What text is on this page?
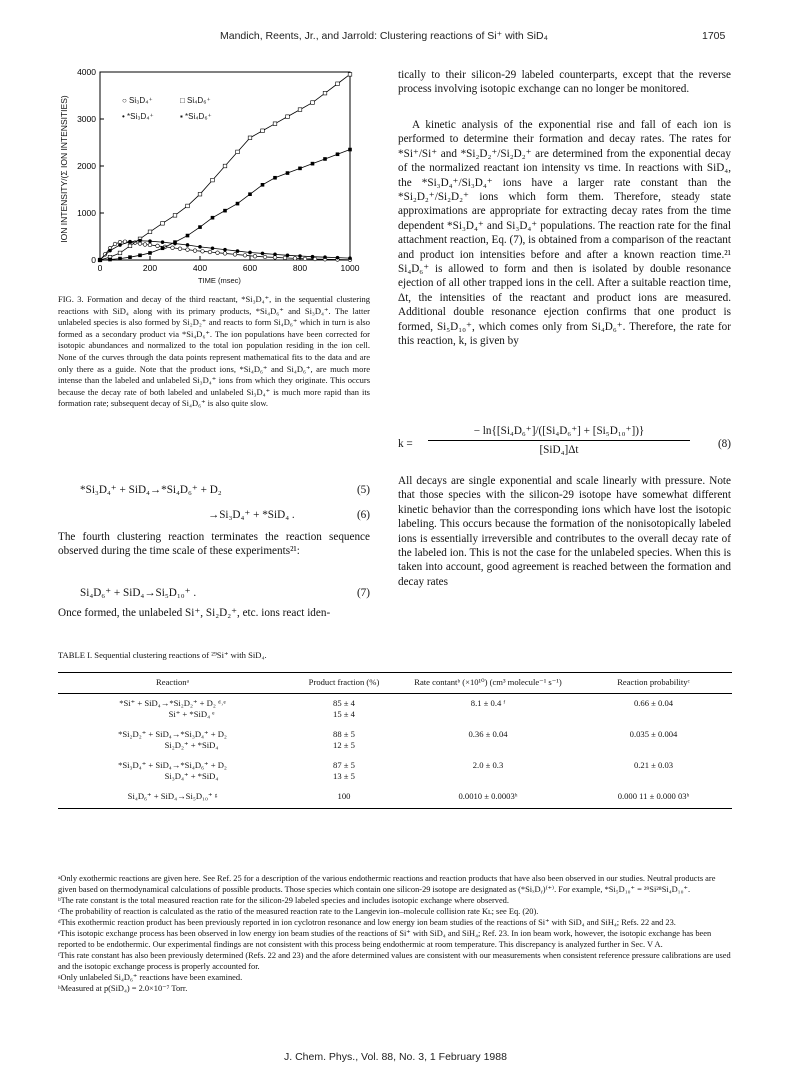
Mandich, Reents, Jr., and Jarrold: Clustering reactions of Si⁺ with SiD₄	1705
0	200	400	600	800	1000
0
1000
2000
3000
4000
ION INTENSITY/(Σ ION INTENSITIES)
TIME (msec)
○ Si₃D₄⁺	□ Si₄D₆⁺
• *Si₃D₄⁺	▪ *Si₄D₆⁺
FIG. 3. Formation and decay of the third reactant, *Si₃D₄⁺, in the sequential clustering reactions with SiD₄ along with its primary products, *Si₄D₆⁺ and Si₃D₄⁺. The latter unlabeled species is also formed by Si₂D₂⁺ and reacts to form Si₄D₆⁺ which in turn is also formed as a secondary product via *Si₄D₆⁺. The ion populations have been corrected for isotopic abundances and normalized to the total ion population residing in the ion cell. None of the curves through the data points represent mathematical fits to the data and are only there as a guide. Note that the product ions, *Si₄D₆⁺ and Si₄D₆⁺, are much more intense than the labeled and unlabeled Si₃D₄⁺ ions from which they originate. This occurs because the decay rate of both labeled and unlabeled Si₃D₄⁺ is much more rapid than its formation rate; subsequent decay of Si₄D₆⁺ is also quite slow.
*Si₃D₄⁺ + SiD₄→*Si₄D₆⁺ + D₂	(5)
→Si₃D₄⁺ + *SiD₄ .	(6)
The fourth clustering reaction terminates the reaction sequence observed during the time scale of these experiments²¹:
Si₄D₆⁺ + SiD₄→Si₅D₁₀⁺ .	(7)
Once formed, the unlabeled Si⁺, Si₂D₂⁺, etc. ions react iden-
tically to their silicon-29 labeled counterparts, except that the reverse process involving isotopic exchange can no longer be monitored.
A kinetic analysis of the exponential rise and fall of each ion is performed to determine their formation and decay rates. The rates for *Si⁺/Si⁺ and *Si₂D₂⁺/Si₂D₂⁺ are determined from the exponential decay of the normalized reactant ion intensity vs time. In reactions with SiD₄, the *Si₃D₄⁺/Si₃D₄⁺ ions have a larger rate constant than the *Si₂D₂⁺/Si₂D₂⁺ ions which form them. Therefore, steady state approximations are appropriate for extracting decay rates from the time dependent *Si₃D₄⁺ and Si₃D₄⁺ populations. The reaction rate for the final attachment reaction, Eq. (7), is obtained from a comparison of the reactant and product ion intensities before and after a known reaction time.²¹ Si₄D₆⁺ is allowed to form and then is isolated by double resonance ejection of all other trapped ions in the cell. After a suitable reaction time, Δt, the intensities of the reactant and product ions are measured. Additional double resonance ejection confirms that one product is formed, Si₅D₁₀⁺, which comes only from Si₄D₆⁺. Therefore, the rate for this reaction, k, is given by
k =
− ln{[Si₄D₆⁺]/([Si₄D₆⁺] + [Si₅D₁₀⁺])}
[SiD₄]Δt	(8)
All decays are single exponential and scale linearly with pressure. Note that those species with the silicon-29 isotope have somewhat different kinetic behavior than the corresponding ions which have lost the isotopic labeling. This occurs because the formation of the nonisotopically labeled ions is essentially irreversible and contributes to the overall decay rate of the labeled ion. This is not the case for the unlabeled species. When this is taken into account, good agreement is reached between the formation and decay rates
TABLE I. Sequential clustering reactions of ²⁹Si⁺ with SiD₄.
Reactionᵃ	Product fraction (%)	Rate contantᵇ (×10¹⁰) (cm³ molecule⁻¹ s⁻¹)	Reaction probabilityᶜ
*Si⁺ + SiD₄→*Si₂D₂⁺ + D₂ ᵈ˒ᵉ	85 ± 4	8.1 ± 0.4 ᶠ	0.66 ± 0.04
Si⁺ + *SiD₄ ᵉ	15 ± 4		
*Si₂D₂⁺ + SiD₄→*Si₃D₄⁺ + D₂	88 ± 5	0.36 ± 0.04	0.035 ± 0.004
Si₂D₂⁺ + *SiD₄	12 ± 5		
*Si₃D₄⁺ + SiD₄→*Si₄D₆⁺ + D₂	87 ± 5	2.0 ± 0.3	0.21 ± 0.03
Si₃D₄⁺ + *SiD₄	13 ± 5		
Si₄D₆⁺ + SiD₄→Si₅D₁₀⁺ ᵍ	100	0.0010 ± 0.0003ʰ	0.000 11 ± 0.000 03ʰ

ᵃOnly exothermic reactions are given here. See Ref. 25 for a description of the various endothermic reactions and reaction products that have also been observed in our studies. Neutral products are given based on thermodynamical calculations of possible products. Those species which contain one silicon-29 isotope are designated as (*SiₓDᵧ)⁽⁺⁾. For example, *Si₅D₁₀⁺ = ²⁹Si²⁸Si₄D₁₀⁺.

ᵇThe rate constant is the total measured reaction rate for the silicon-29 labeled species and includes isotopic exchange where observed.

ᶜThe probability of reaction is calculated as the ratio of the measured reaction rate to the Langevin ion–molecule collision rate Kʟ; see Eq. (20).

ᵈThis exothermic reaction product has been previously reported in ion cyclotron resonance and low energy ion beam studies of the reactions of Si⁺ with SiD₄ and SiH₄; Refs. 22 and 23.

ᵉThis isotopic exchange process has been observed in low energy ion beam studies of the reactions of Si⁺ with SiD₄ and SiH₄; Ref. 23. In ion beam work, however, the isotopic exchange has been reported to be endothermic. Our experimental findings are not consistent with this process being endothermic at room temperature. This discrepancy is analyzed further in Sec. V A.

ᶠThis rate constant has also been previously determined (Refs. 22 and 23) and the afore determined values are consistent with our measurements when consistent reference pressure calibrations are used and the isotopic exchange process is properly accounted for.

ᵍOnly unlabeled Si₄D₆⁺ reactions have been examined.

ʰMeasured at p(SiD₄) = 2.0×10⁻⁷ Torr.

J. Chem. Phys., Vol. 88, No. 3, 1 February 1988
